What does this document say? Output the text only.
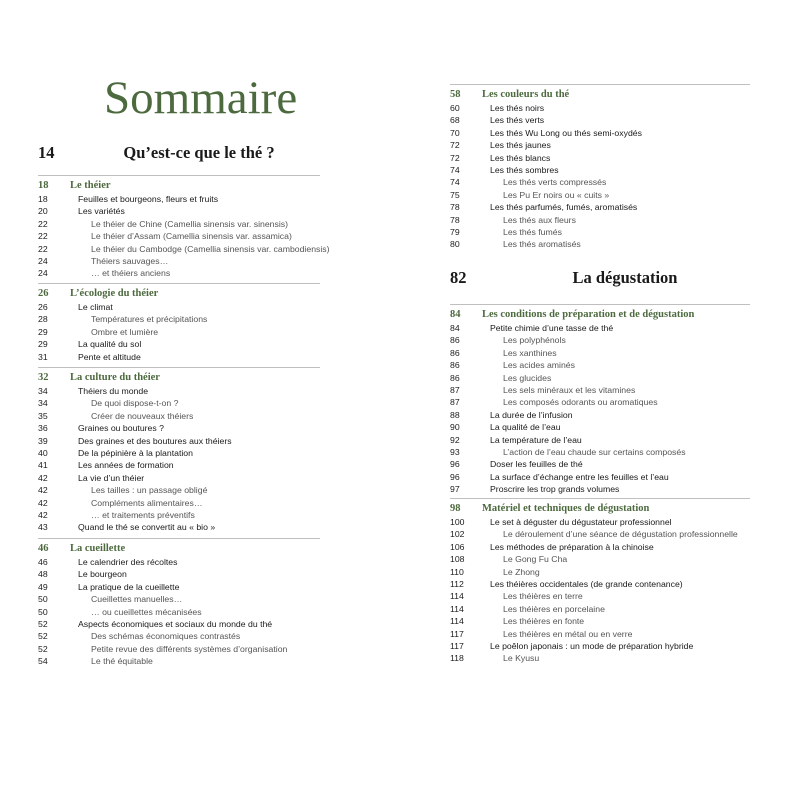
Sommaire
14	Qu’est-ce que le thé ?
18 Le théier
18	Feuilles et bourgeons, fleurs et fruits
20	Les variétés
22	Le théier de Chine (Camellia sinensis var. sinensis)
22	Le théier d’Assam (Camellia sinensis var. assamica)
22	Le théier du Cambodge (Camellia sinensis var. cambodiensis)
24	Théiers sauvages…
24	… et théiers anciens
26 L’écologie du théier
26	Le climat
28	Températures et précipitations
29	Ombre et lumière
29	La qualité du sol
31	Pente et altitude
32 La culture du théier
34	Théiers du monde
34	De quoi dispose-t-on ?
35	Créer de nouveaux théiers
36	Graines ou boutures ?
39	Des graines et des boutures aux théiers
40	De la pépinière à la plantation
41	Les années de formation
42	La vie d’un théier
42	Les tailles : un passage obligé
42	Compléments alimentaires…
42	… et traitements préventifs
43	Quand le thé se convertit au « bio »
46 La cueillette
46	Le calendrier des récoltes
48	Le bourgeon
49	La pratique de la cueillette
50	Cueillettes manuelles…
50	… ou cueillettes mécanisées
52	Aspects économiques et sociaux du monde du thé
52	Des schémas économiques contrastés
52	Petite revue des différents systèmes d’organisation
54	Le thé équitable
58 Les couleurs du thé
60	Les thés noirs
68	Les thés verts
70	Les thés Wu Long ou thés semi-oxydés
72	Les thés jaunes
72	Les thés blancs
74	Les thés sombres
74	Les thés verts compressés
75	Les Pu Er noirs ou « cuits »
78	Les thés parfumés, fumés, aromatisés
78	Les thés aux fleurs
79	Les thés fumés
80	Les thés aromatisés
82	La dégustation
84 Les conditions de préparation et de dégustation
84	Petite chimie d’une tasse de thé
86	Les polyphénols
86	Les xanthines
86	Les acides aminés
86	Les glucides
87	Les sels minéraux et les vitamines
87	Les composés odorants ou aromatiques
88	La durée de l’infusion
90	La qualité de l’eau
92	La température de l’eau
93	L’action de l’eau chaude sur certains composés
96	Doser les feuilles de thé
96	La surface d’échange entre les feuilles et l’eau
97	Proscrire les trop grands volumes
98 Matériel et techniques de dégustation
100	Le set à déguster du dégustateur professionnel
102	Le déroulement d’une séance de dégustation professionnelle
106	Les méthodes de préparation à la chinoise
108	Le Gong Fu Cha
110	Le Zhong
112	Les théières occidentales (de grande contenance)
114	Les théières en terre
114	Les théières en porcelaine
114	Les théières en fonte
117	Les théières en métal ou en verre
117	Le poêlon japonais : un mode de préparation hybride
118	Le Kyusu
